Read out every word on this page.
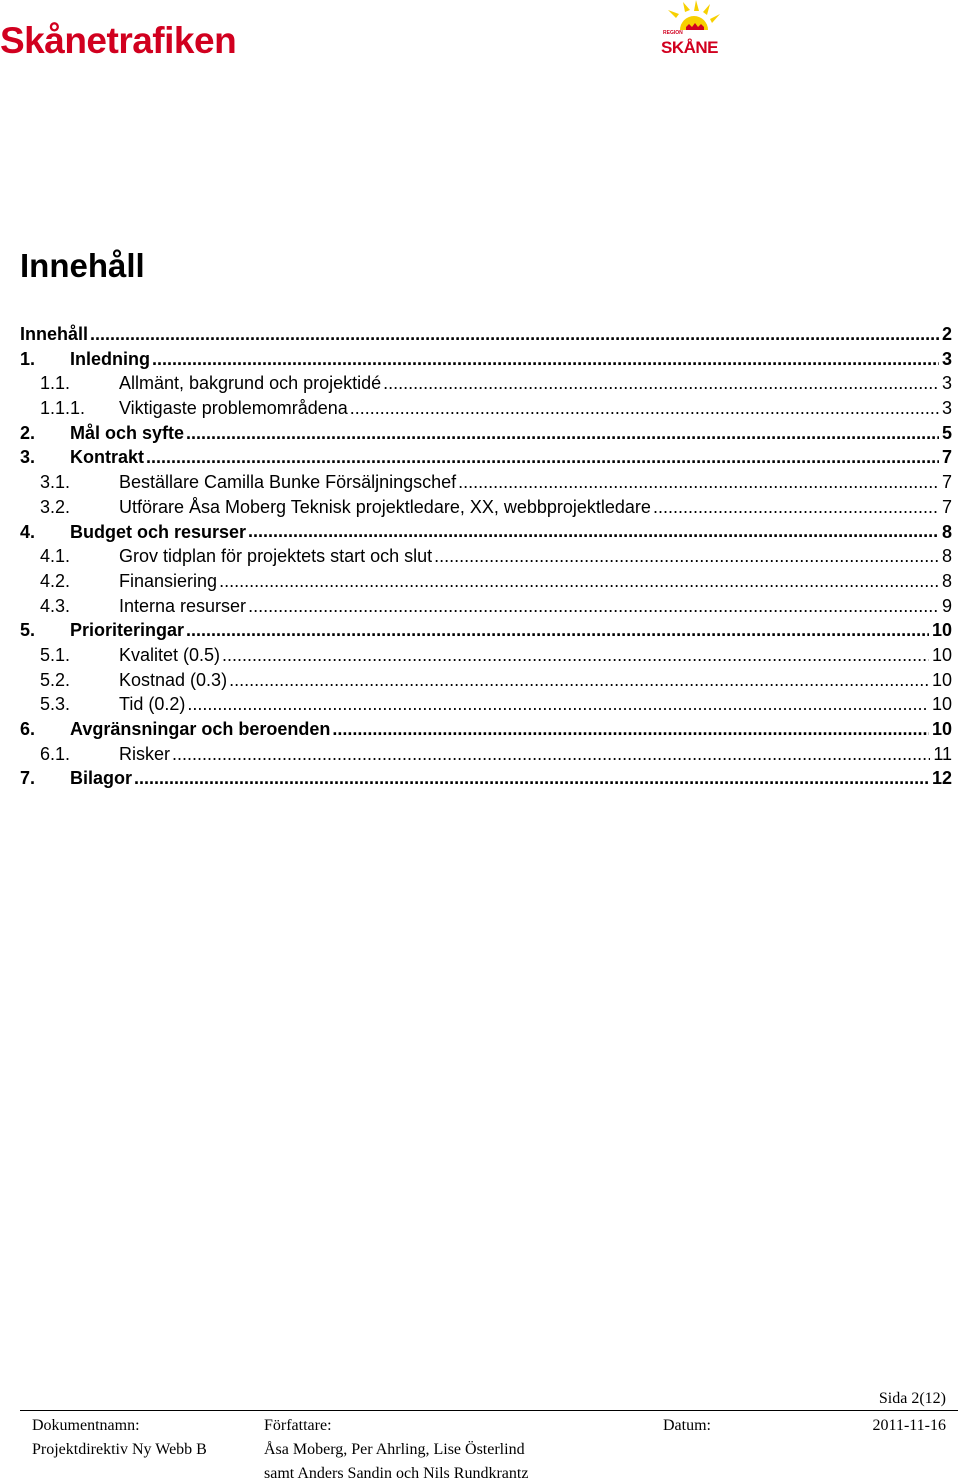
Skånetrafiken	REGION
SKÅNE
Innehåll
Innehåll .....	2
1.	Inledning .....	3
1.1.	Allmänt, bakgrund och projektidé .....	3
1.1.1.	Viktigaste problemområdena .....	3
2.	Mål och syfte .....	5
3.	Kontrakt .....	7
3.1.	Beställare Camilla Bunke Försäljningschef .....	7
3.2.	Utförare Åsa Moberg Teknisk projektledare, XX, webbprojektledare .....	7
4.	Budget och resurser .....	8
4.1.	Grov tidplan för projektets start och slut .....	8
4.2.	Finansiering .....	8
4.3.	Interna resurser .....	9
5.	Prioriteringar .....	10
5.1.	Kvalitet (0.5) .....	10
5.2.	Kostnad (0.3) .....	10
5.3.	Tid (0.2) .....	10
6.	Avgränsningar och beroenden .....	10
6.1.	Risker .....	11
7.	Bilagor .....	12
Sida 2(12)
Dokumentnamn:
Projektdirektiv Ny Webb B
Författare:
Åsa Moberg, Per Ahrling, Lise Österlind
samt Anders Sandin och Nils Rundkrantz
Datum:	2011-11-16
